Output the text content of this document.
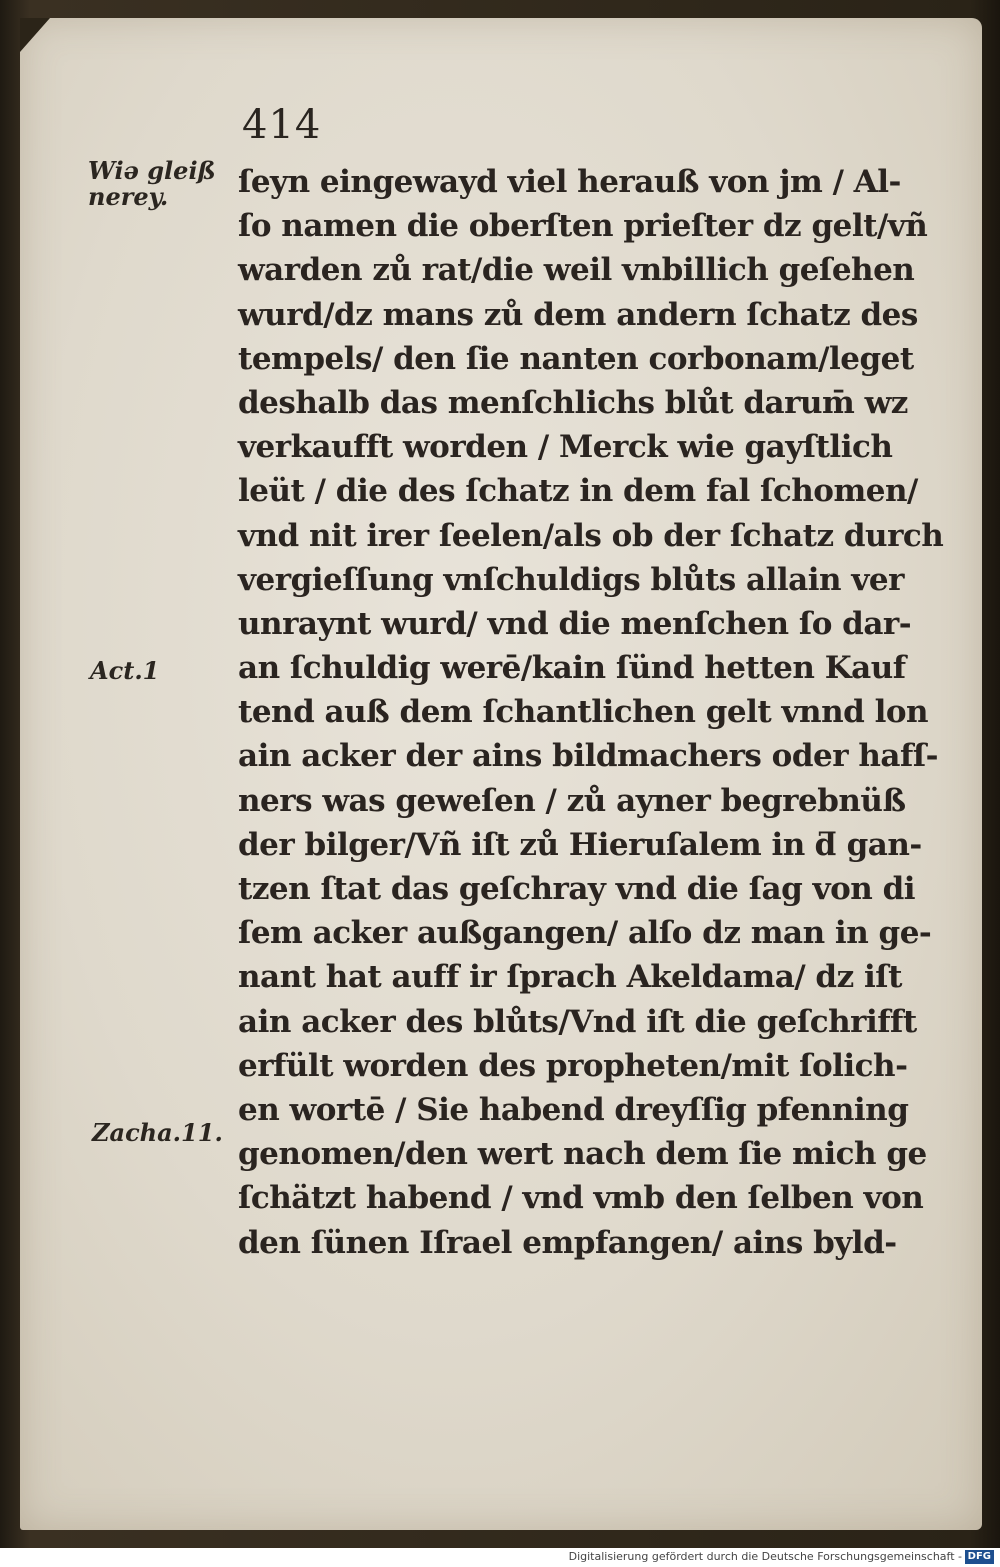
414
Wiə gleiß
nerey.
Act.1
Zacha.11.
ſeyn eingewayd viel herauß von jm / Al-
ſo namen die oberſten prieſter dz gelt/vñ
warden zů rat/die weil vnbillich geſehen
wurd/dz mans zů dem andern ſchatz des
tempels/ den ſie nanten corbonam/leget
deshalb das menſchlichs blůt darum̄ wz
verkaufft worden / Merck wie gayſtlich
leüt / die des ſchatz in dem fal ſchomen/
vnd nit irer ſeelen/als ob der ſchatz durch
vergieſſung vnſchuldigs blůts allain ver
unraynt wurd/ vnd die menſchen ſo dar-
an ſchuldig werē/kain ſünd hetten Kauf
tend auß dem ſchantlichen gelt vnnd lon
ain acker der ains bildmachers oder hafſ-
ners was geweſen / zů ayner begrebnüß
der bilger/Vñ iſt zů Hieruſalem in ƌ gan-
tzen ſtat das geſchray vnd die ſag von di
ſem acker außgangen/ alſo dz man in ge-
nant hat auff ir ſprach Akeldama/ dz iſt
ain acker des blůts/Vnd iſt die geſchrifft
erfült worden des propheten/mit ſolich-
en wortē / Sie habend dreyſſig pfenning
genomen/den wert nach dem ſie mich ge
ſchätzt habend / vnd vmb den ſelben von
den ſünen Iſrael empfangen/ ains byld-
Digitalisierung gefördert durch die Deutsche Forschungsgemeinschaft - DFG
